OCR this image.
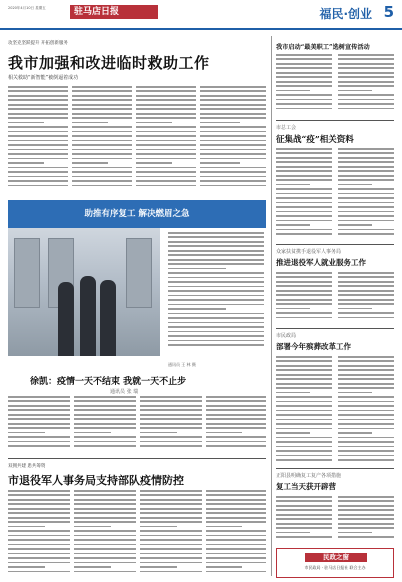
2020年4月10日 星期五	驻马店日报	福民·创业 5
攻坚克坚跃提升 开拓创新服务
我市加强和改进临时救助工作
相关救助“新智能”被倒逼着成功
助推有序复工 解决燃眉之急
通讯员 王 林 摄
徐凯：疫情一天不结束 我就一天不止步
通讯员 张 瑞
双拥共建 患共筹资
市退役军人事务局支持部队疫情防控
我市启动“最美职工”选树宣传活动
市总工会
征集战“疫”相关资料
众家扶贫携手退役军人事务局
推进退役军人就业服务工作
市民政局
部署今年殡葬改革工作
正阳县明确复工复产各项措施
复工当天获开辟营
民政之窗
市民政局 · 驻马店日报社 联合主办
